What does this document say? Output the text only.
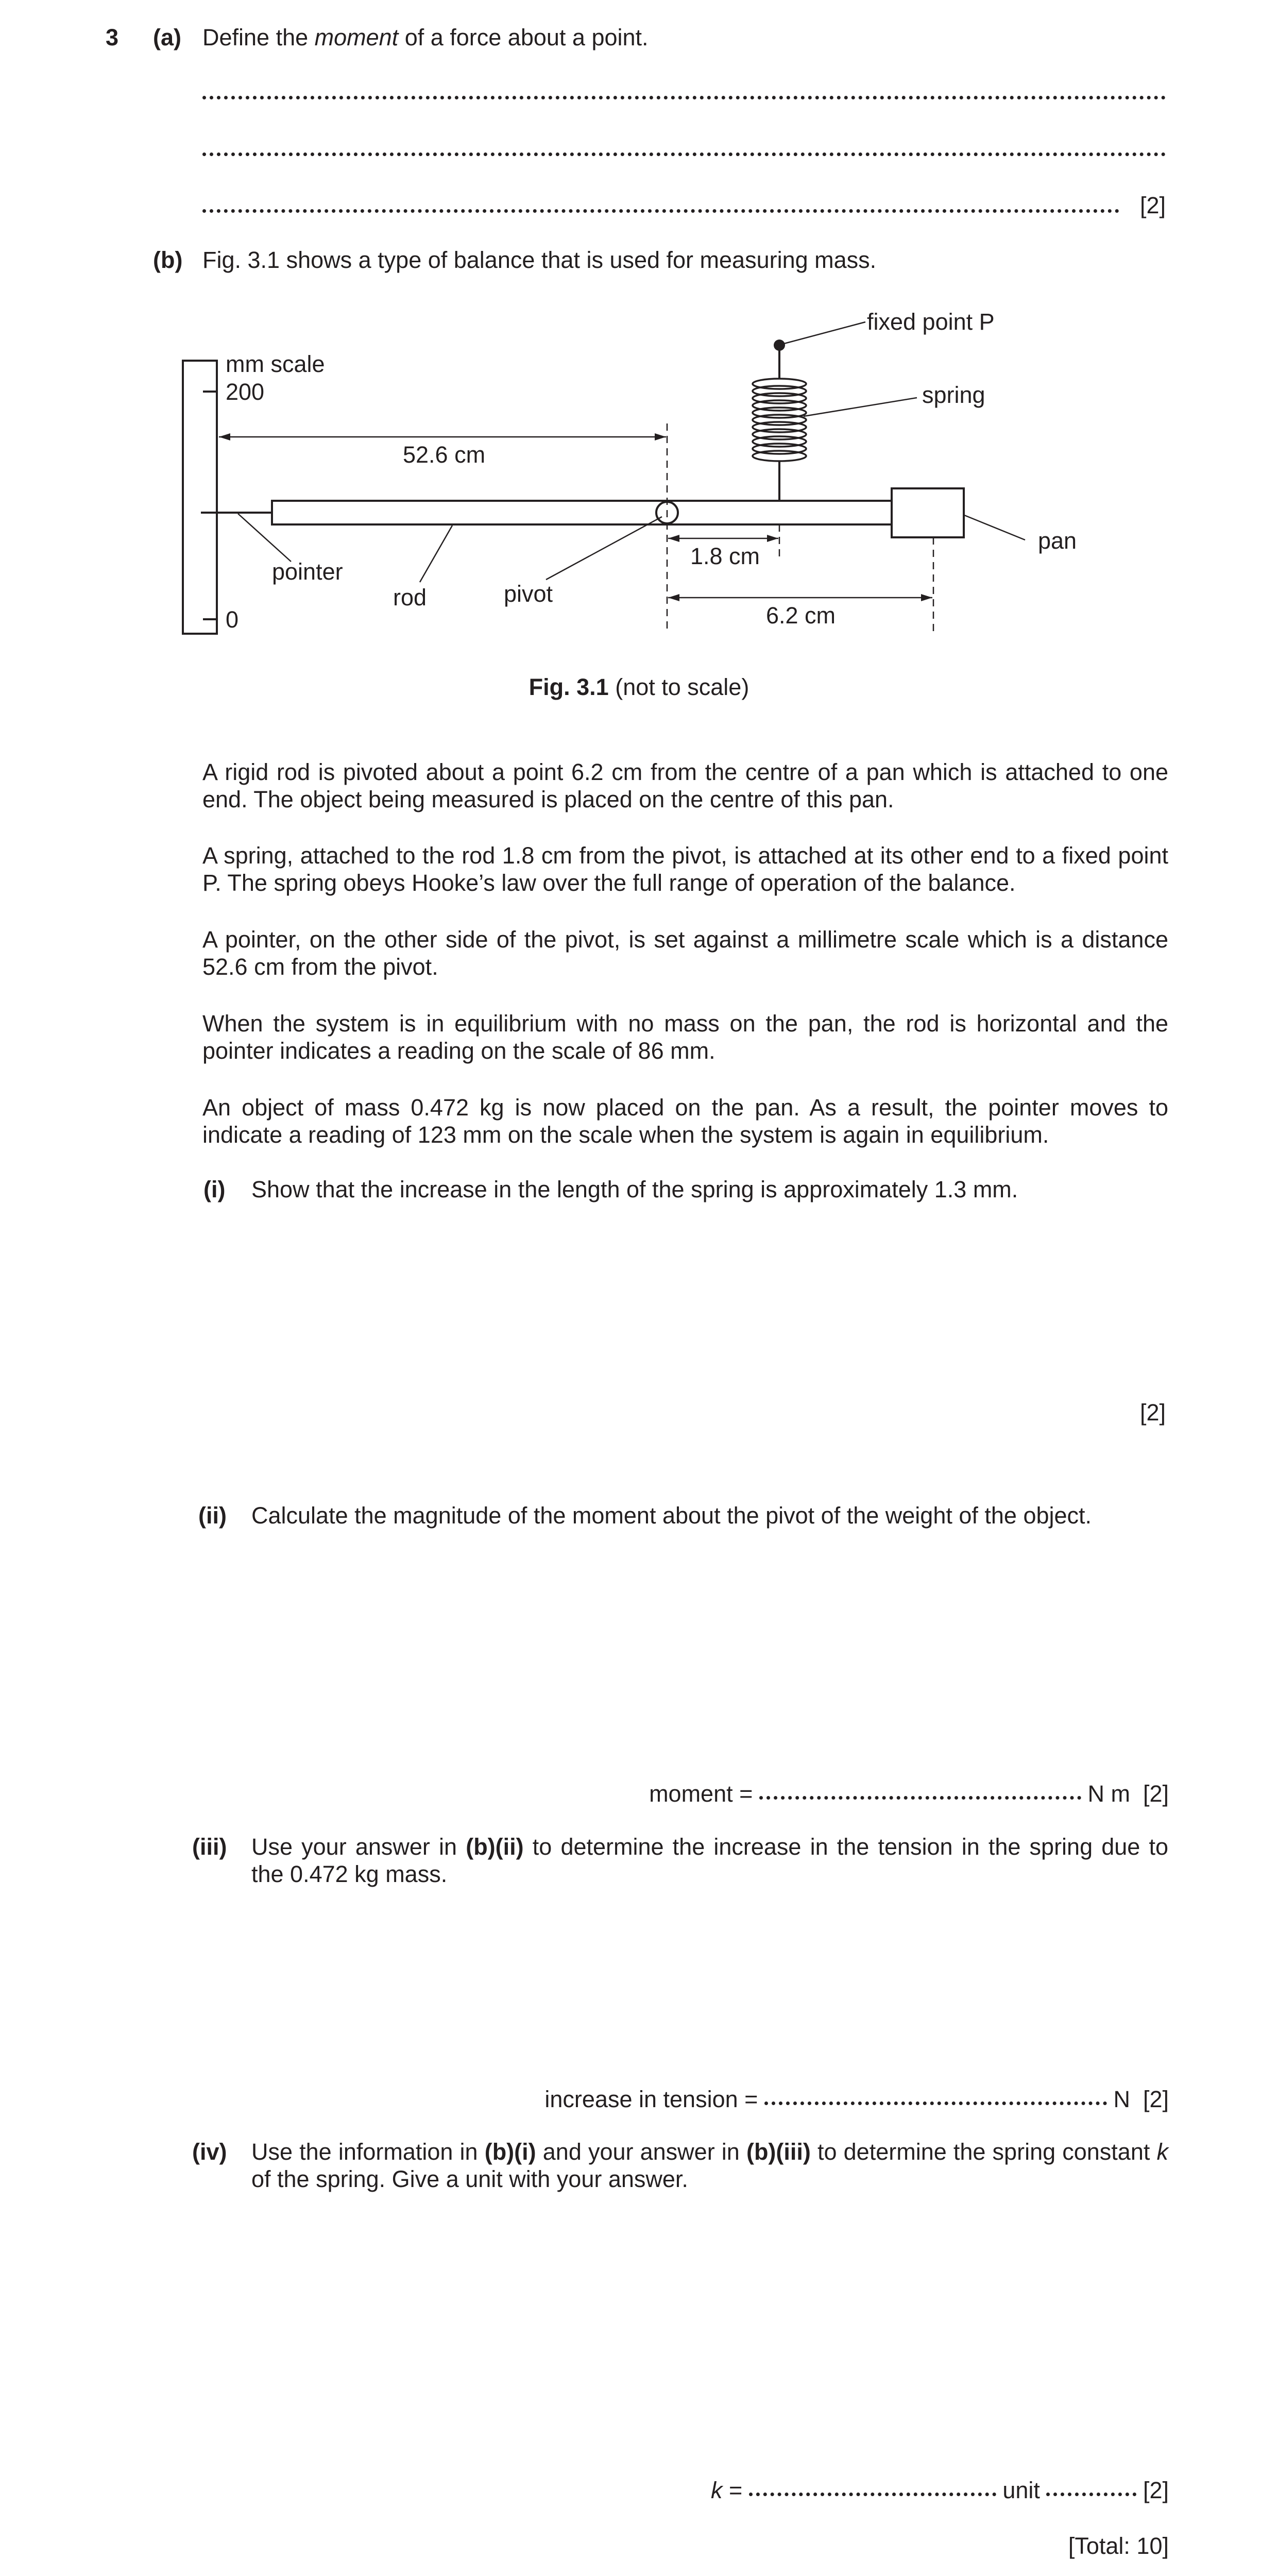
3 (a) Define the moment of a force about a point.
[2]
(b) Fig. 3.1 shows a type of balance that is used for measuring mass.
mm scale
200
0
pointer
rod	pivot
pan
fixed point P
spring
52.6 cm
1.8 cm
6.2 cm
Fig. 3.1 (not to scale)
A rigid rod is pivoted about a point 6.2 cm from the centre of a pan which is attached to one end. The object being measured is placed on the centre of this pan.
A spring, attached to the rod 1.8 cm from the pivot, is attached at its other end to a fixed point P. The spring obeys Hooke’s law over the full range of operation of the balance.
A pointer, on the other side of the pivot, is set against a millimetre scale which is a distance 52.6 cm from the pivot.
When the system is in equilibrium with no mass on the pan, the rod is horizontal and the pointer indicates a reading on the scale of 86 mm.
An object of mass 0.472 kg is now placed on the pan. As a result, the pointer moves to indicate a reading of 123 mm on the scale when the system is again in equilibrium.
(i) Show that the increase in the length of the spring is approximately 1.3 mm.
[2]
(ii) Calculate the magnitude of the moment about the pivot of the weight of the object.
moment =	N m [2]
(iii) Use your answer in (b)(ii) to determine the increase in the tension in the spring due to the 0.472 kg mass.
increase in tension =	N [2]
(iv) Use the information in (b)(i) and your answer in (b)(iii) to determine the spring constant k of the spring. Give a unit with your answer.
k =	unit	[2]
[Total: 10]
